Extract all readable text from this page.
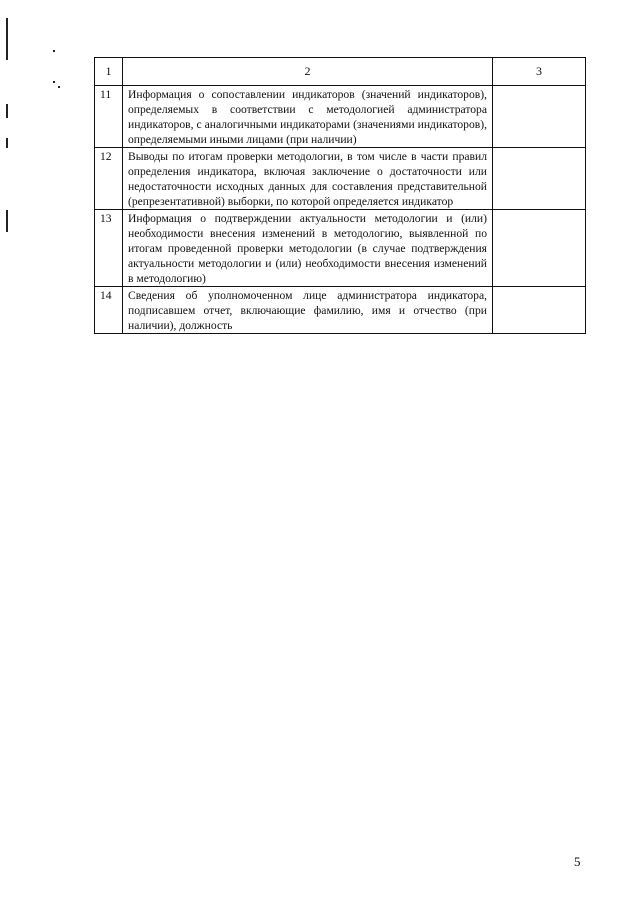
1	2	3
11	Информация о сопоставлении индикаторов (значений индикаторов), определяемых в соответствии с методологией администратора индикаторов, с аналогичными индикаторами (значениями индикаторов), определяемыми иными лицами (при наличии)	

12	Выводы по итогам проверки методологии, в том числе в части правил определения индикатора, включая заключение о достаточности или недостаточности исходных данных для составления представительной (репрезентативной) выборки, по которой определяется индикатор	

13	Информация о подтверждении актуальности методологии и (или) необходимости внесения изменений в методологию, выявленной по итогам проведенной проверки методологии (в случае подтверждения актуальности методологии и (или) необходимости внесения изменений в методологию)	

14	Сведения об уполномоченном лице администратора индикатора, подписавшем отчет, включающие фамилию, имя и отчество (при наличии), должность	

5
